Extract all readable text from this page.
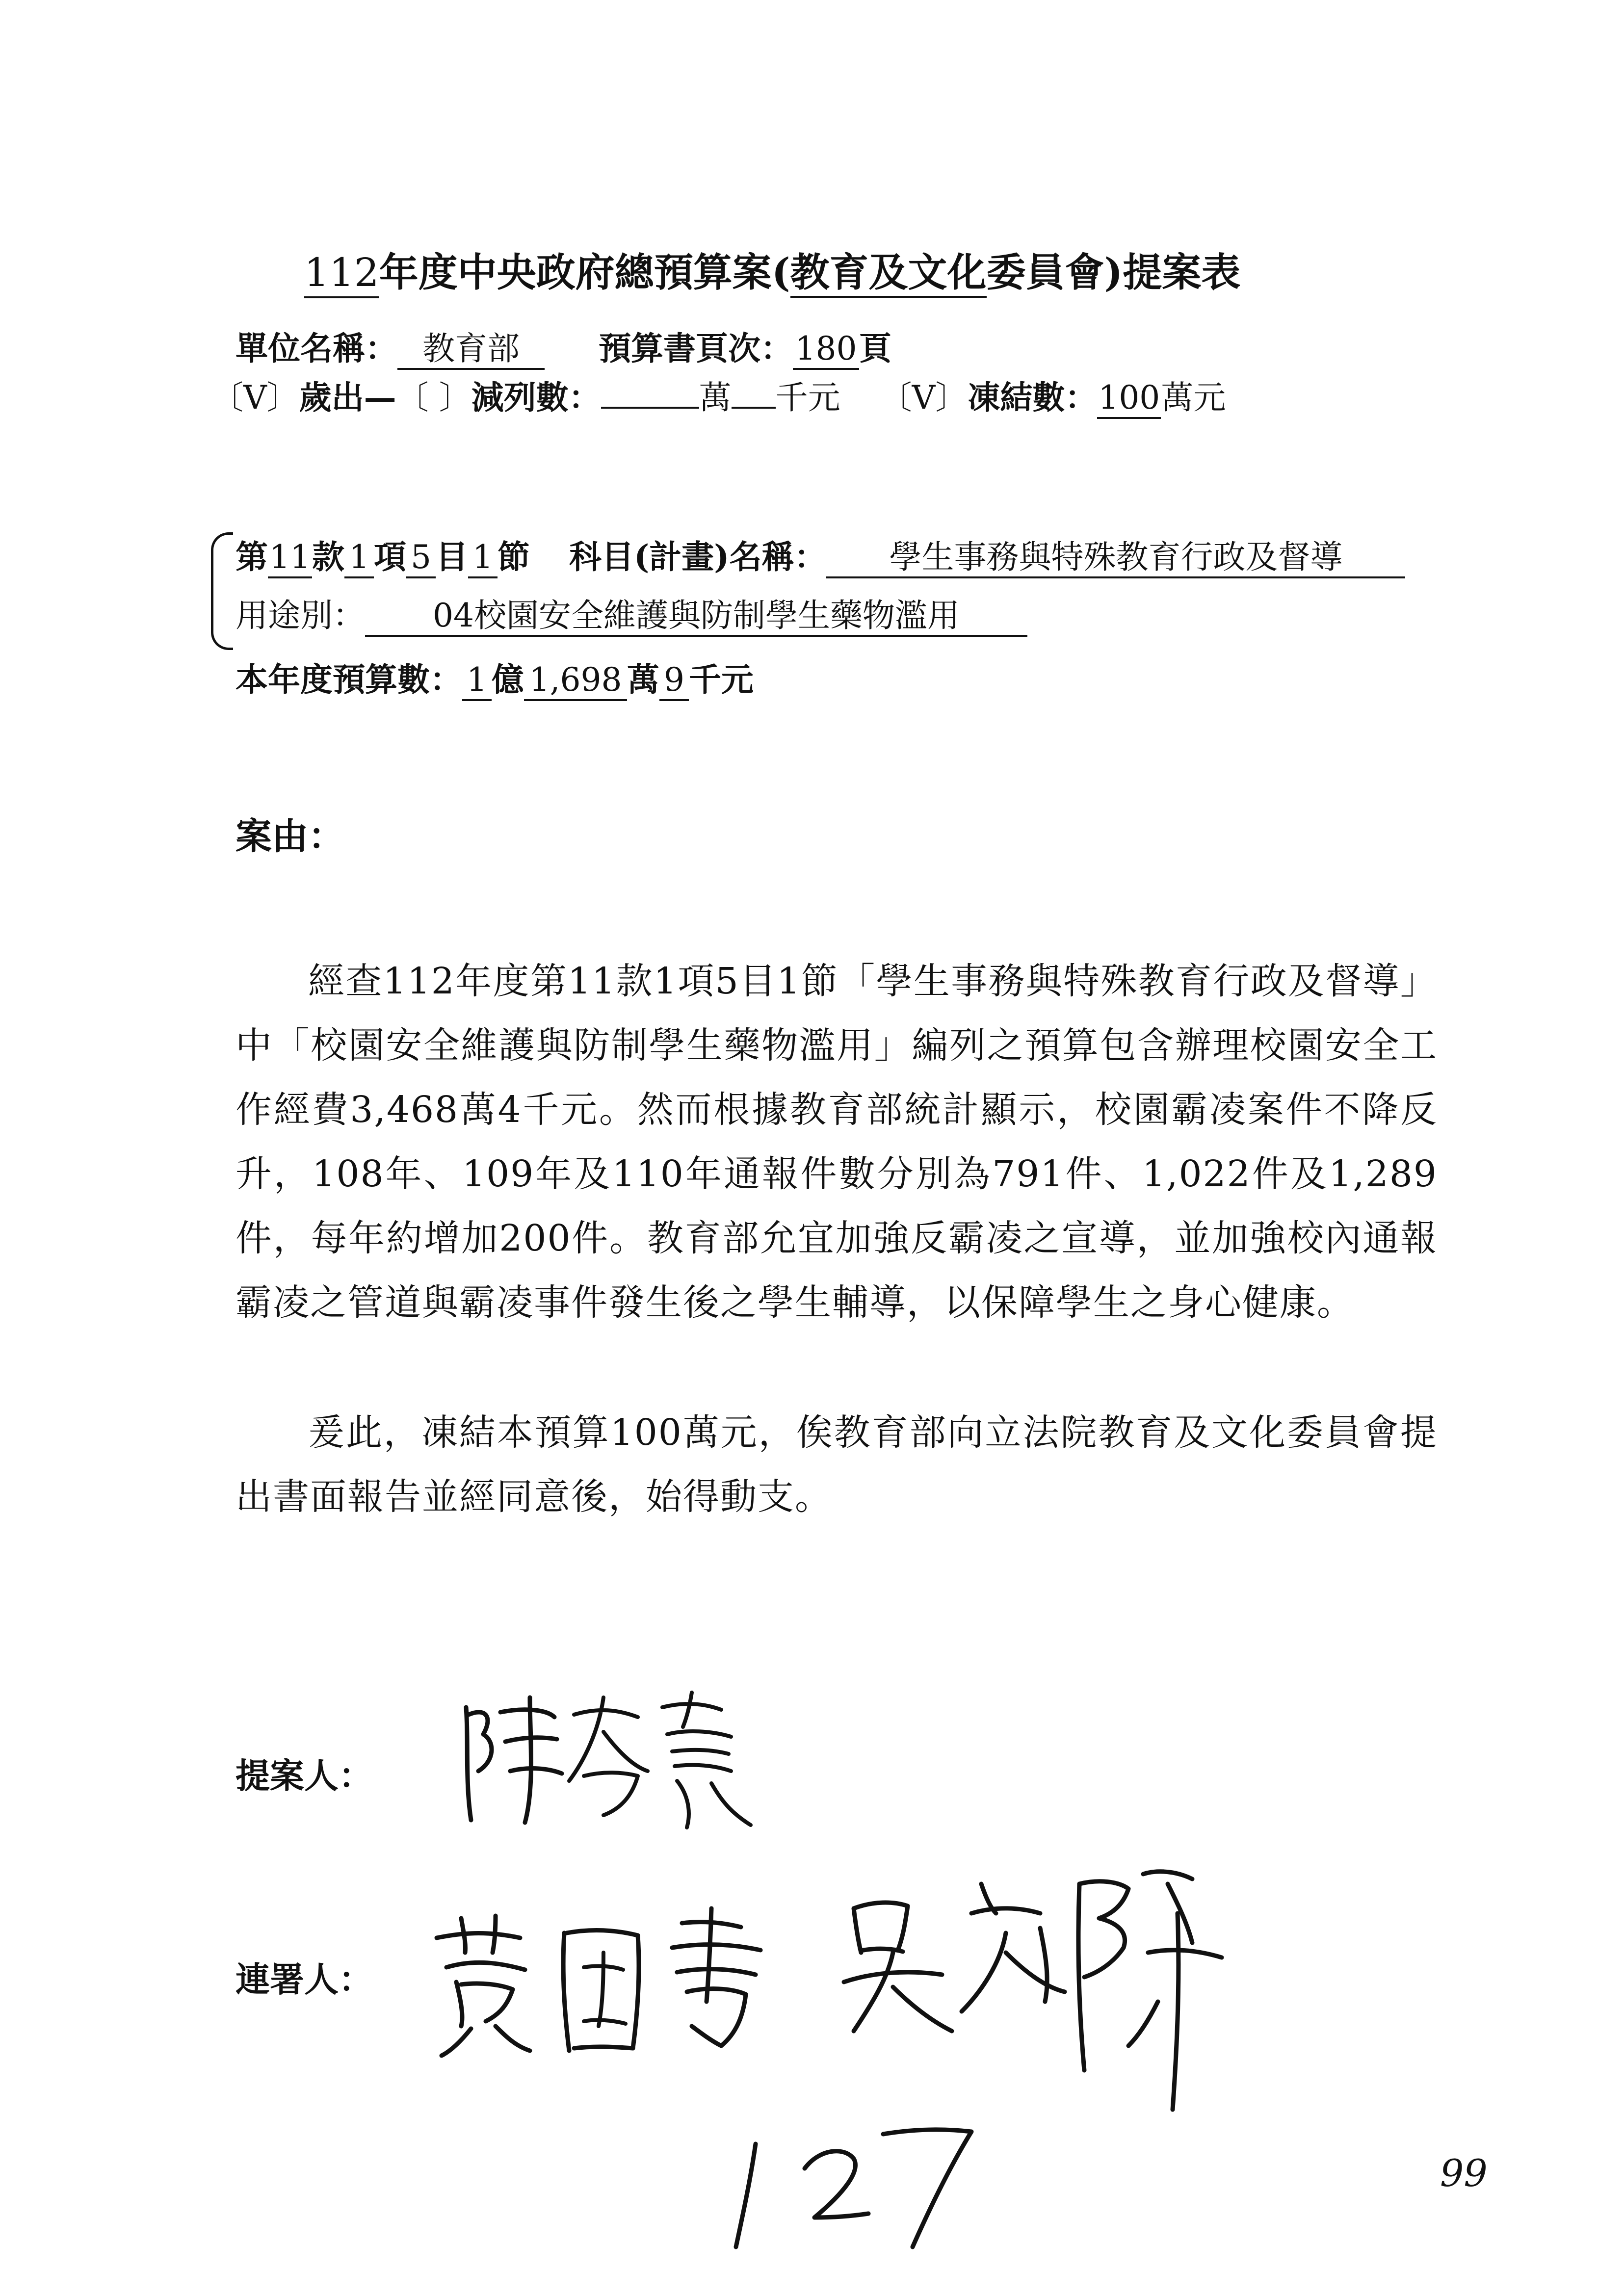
112年度中央政府總預算案(教育及文化委員會)提案表
單位名稱： 教育部 預算書頁次：180頁
〔V〕歲出—〔 〕減列數：	萬 千元 〔V〕凍結數：100萬元
第11款 1 項 5 目 1 節 科目(計畫)名稱： 學生事務與特殊教育行政及督導
用途別： 04校園安全維護與防制學生藥物濫用
本年度預算數： 1 億 1,698 萬 9 千元
案由：

經查112年度第11款1項5目1節「學生事務與特殊教育行政及督導」中「校園安全維護與防制學生藥物濫用」編列之預算包含辦理校園安全工作經費3,468萬4千元。然而根據教育部統計顯示，校園霸凌案件不降反升，108年、109年及110年通報件數分別為791件、1,022件及1,289件，每年約增加200件。教育部允宜加強反霸凌之宣導，並加強校內通報霸凌之管道與霸凌事件發生後之學生輔導，以保障學生之身心健康。

爰此，凍結本預算100萬元，俟教育部向立法院教育及文化委員會提出書面報告並經同意後，始得動支。

提案人：
連署人：
99
